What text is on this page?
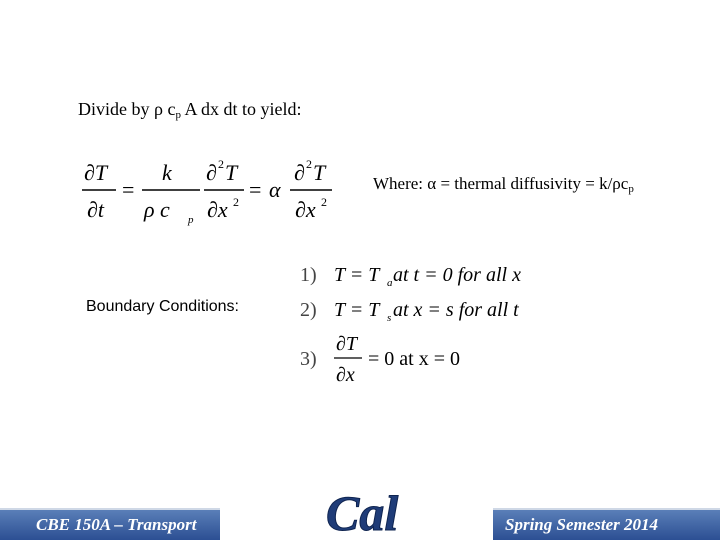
Divide by ρ $c_p$ A dx dt to yield:
∂T
∂t
=
k
ρ c p
∂ 2 T
∂x 2 = α
∂ 2 T
∂x 2
Where: α = thermal diffusivity = $k/\rho c_p$
Boundary Conditions:
1) T = T a at t = 0 for all x
2) T = T s at x = s for all t
3)
∂T
∂x
= 0 at x = 0
CBE 150A – Transport	Spring Semester 2014
Cal
